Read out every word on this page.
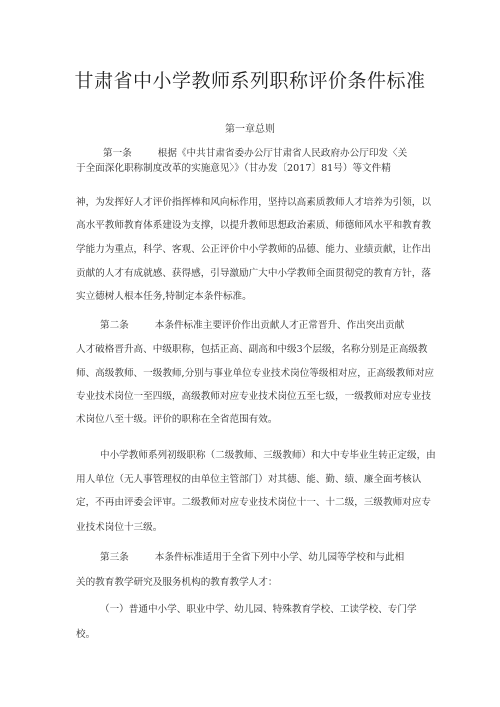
甘肃省中小学教师系列职称评价条件标准
第一章总则
第一条	根据《中共甘肃省委办公厅甘肃省人民政府办公厅印发〈关
于全面深化职称制度改革的实施意见〉》（甘办发〔2017〕81号）等文件精
神，为发挥好人才评价指挥棒和风向标作用，坚持以高素质教师人才培养为引领，以
高水平教师教育体系建设为支撑，以提升教师思想政治素质、师德师风水平和教育教
学能力为重点，科学、客观、公正评价中小学教师的品德、能力、业绩贡献，让作出
贡献的人才有成就感、获得感，引导激励广大中小学教师全面贯彻党的教育方针，落
实立德树人根本任务,特制定本条件标准。
第二条	本条件标准主要评价作出贡献人才正常晋升、作出突出贡献
人才破格晋升高、中级职称，包括正高、副高和中级3个层级，名称分别是正高级教
师、高级教师、一级教师,分别与事业单位专业技术岗位等级相对应，正高级教师对应
专业技术岗位一至四级，高级教师对应专业技术岗位五至七级，一级教师对应专业技
术岗位八至十级。评价的职称在全省范围有效。
中小学教师系列初级职称（二级教师、三级教师）和大中专毕业生转正定级，由
用人单位（无人事管理权的由单位主管部门）对其德、能、勤、绩、廉全面考核认
定，不再由评委会评审。二级教师对应专业技术岗位十一、十二级，三级教师对应专
业技术岗位十三级。
第三条	本条件标准适用于全省下列中小学、幼儿园等学校和与此相
关的教育教学研究及服务机构的教育教学人才：
（一）普通中小学、职业中学、幼儿园、特殊教育学校、工读学校、专门学
校。
